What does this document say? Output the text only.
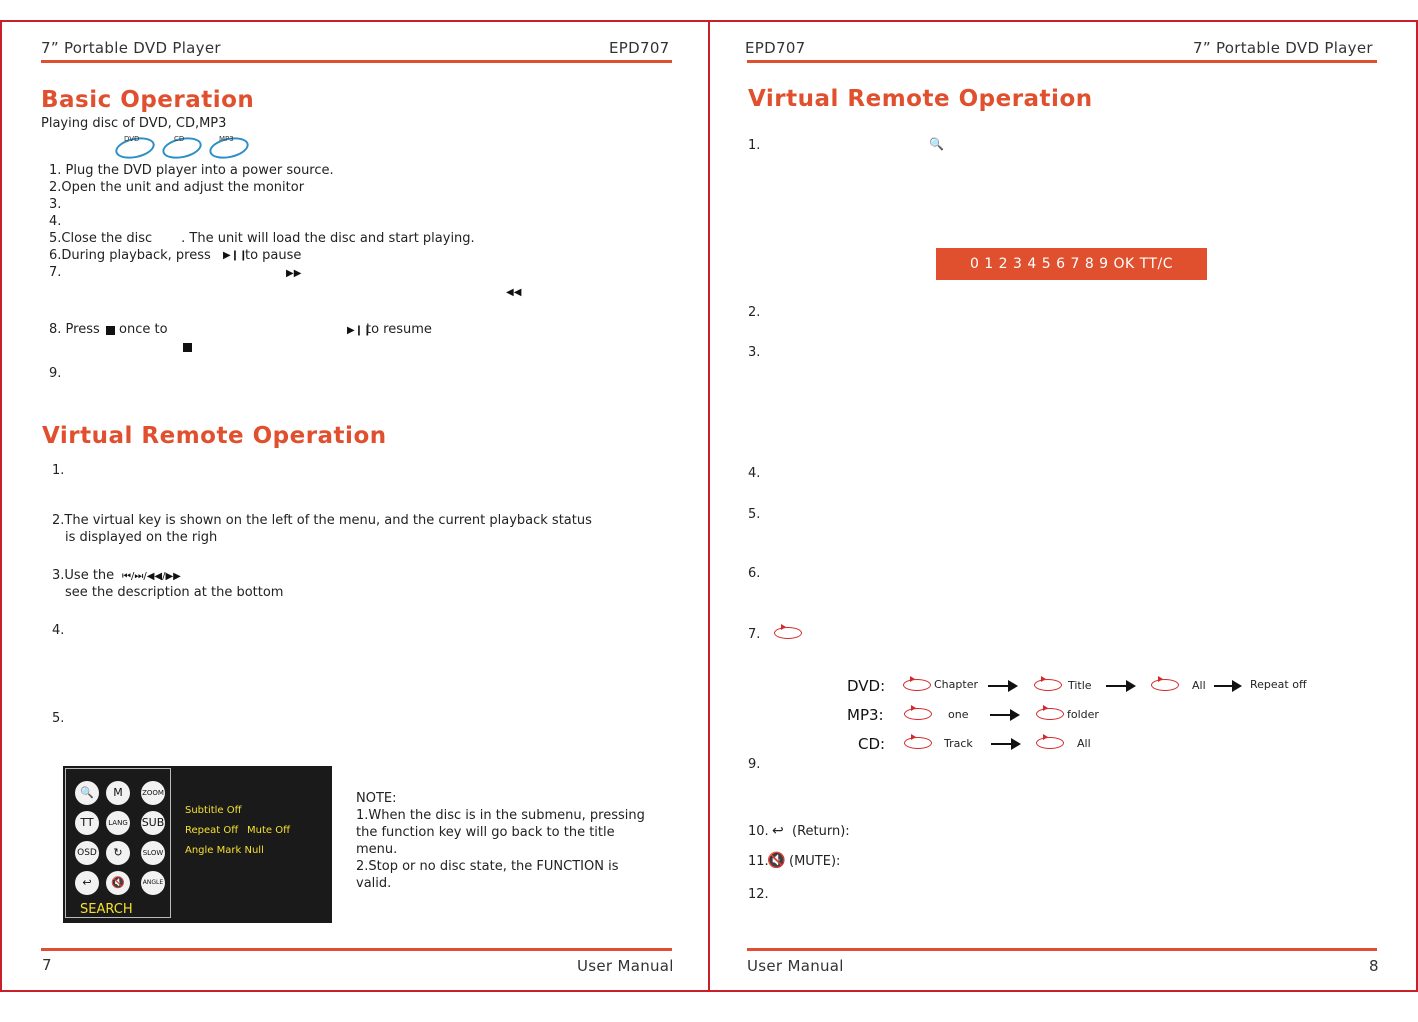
7” Portable DVD Player	EPD707
Basic Operation
Playing disc of DVD, CD,MP3
DVD	CD	MP3
1. Plug the DVD player into a power source.
2.Open the unit and adjust the monitor
3.
4.
5.Close the disc       . The unit will load the disc and start playing.
6.During playback, press ▶❙❙
to pause
7.	▶▶
◀◀
8. Press once to	▶❙❙
to resume
9.
Virtual Remote Operation
1.
2.The virtual key is shown on the left of the menu, and the current playback status
is displayed on the righ
3.Use the ⏮/⏭/◀◀/▶▶
see the description at the bottom
4.
5.
🔍	M	ZOOM
TT	LANG SUB
OSD	↻	SLOW
↩	🔇	ANGLE
SEARCH
Subtitle Off
Repeat Off Mute Off
Angle Mark Null
NOTE:
1.When the disc is in the submenu, pressing
the function key will go back to the title
menu.
2.Stop or no disc state, the FUNCTION is
valid.
7	User Manual
EPD707	7” Portable DVD Player
Virtual Remote Operation
1.	🔍
0 1 2 3 4 5 6 7 8 9 OK TT/C
2.
3.
4.
5.
6.
7.
DVD:	Chapter	Title	All	Repeat off
MP3:	one	folder
CD:	Track	All
9.
10. ↩ (Return):
11.
🔇 (MUTE):
12.
User Manual	8
